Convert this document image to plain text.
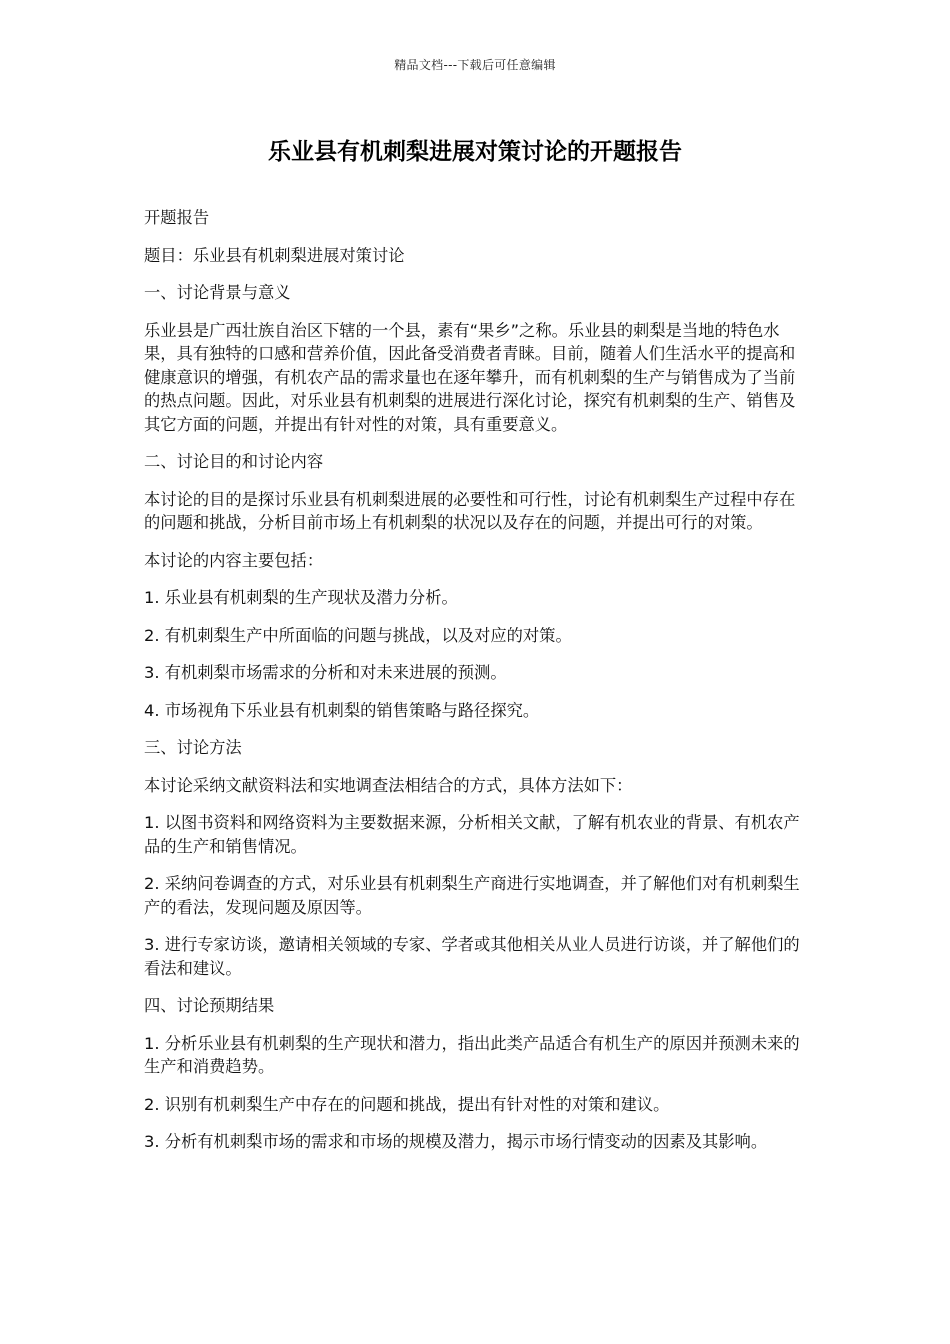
精品文档---下载后可任意编辑
乐业县有机刺梨进展对策讨论的开题报告

开题报告

题目：乐业县有机刺梨进展对策讨论

一、讨论背景与意义

乐业县是广西壮族自治区下辖的一个县，素有“果乡”之称。乐业县的刺梨是当地的特色水果，具有独特的口感和营养价值，因此备受消费者青睐。目前，随着人们生活水平的提高和健康意识的增强，有机农产品的需求量也在逐年攀升，而有机刺梨的生产与销售成为了当前的热点问题。因此，对乐业县有机刺梨的进展进行深化讨论，探究有机刺梨的生产、销售及其它方面的问题，并提出有针对性的对策，具有重要意义。

二、讨论目的和讨论内容

本讨论的目的是探讨乐业县有机刺梨进展的必要性和可行性，讨论有机刺梨生产过程中存在的问题和挑战，分析目前市场上有机刺梨的状况以及存在的问题，并提出可行的对策。

本讨论的内容主要包括：

1. 乐业县有机刺梨的生产现状及潜力分析。

2. 有机刺梨生产中所面临的问题与挑战，以及对应的对策。

3. 有机刺梨市场需求的分析和对未来进展的预测。

4. 市场视角下乐业县有机刺梨的销售策略与路径探究。

三、讨论方法

本讨论采纳文献资料法和实地调查法相结合的方式，具体方法如下：

1. 以图书资料和网络资料为主要数据来源，分析相关文献，了解有机农业的背景、有机农产品的生产和销售情况。

2. 采纳问卷调查的方式，对乐业县有机刺梨生产商进行实地调查，并了解他们对有机刺梨生产的看法，发现问题及原因等。

3. 进行专家访谈，邀请相关领域的专家、学者或其他相关从业人员进行访谈，并了解他们的看法和建议。

四、讨论预期结果

1. 分析乐业县有机刺梨的生产现状和潜力，指出此类产品适合有机生产的原因并预测未来的生产和消费趋势。

2. 识别有机刺梨生产中存在的问题和挑战，提出有针对性的对策和建议。

3. 分析有机刺梨市场的需求和市场的规模及潜力，揭示市场行情变动的因素及其影响。
